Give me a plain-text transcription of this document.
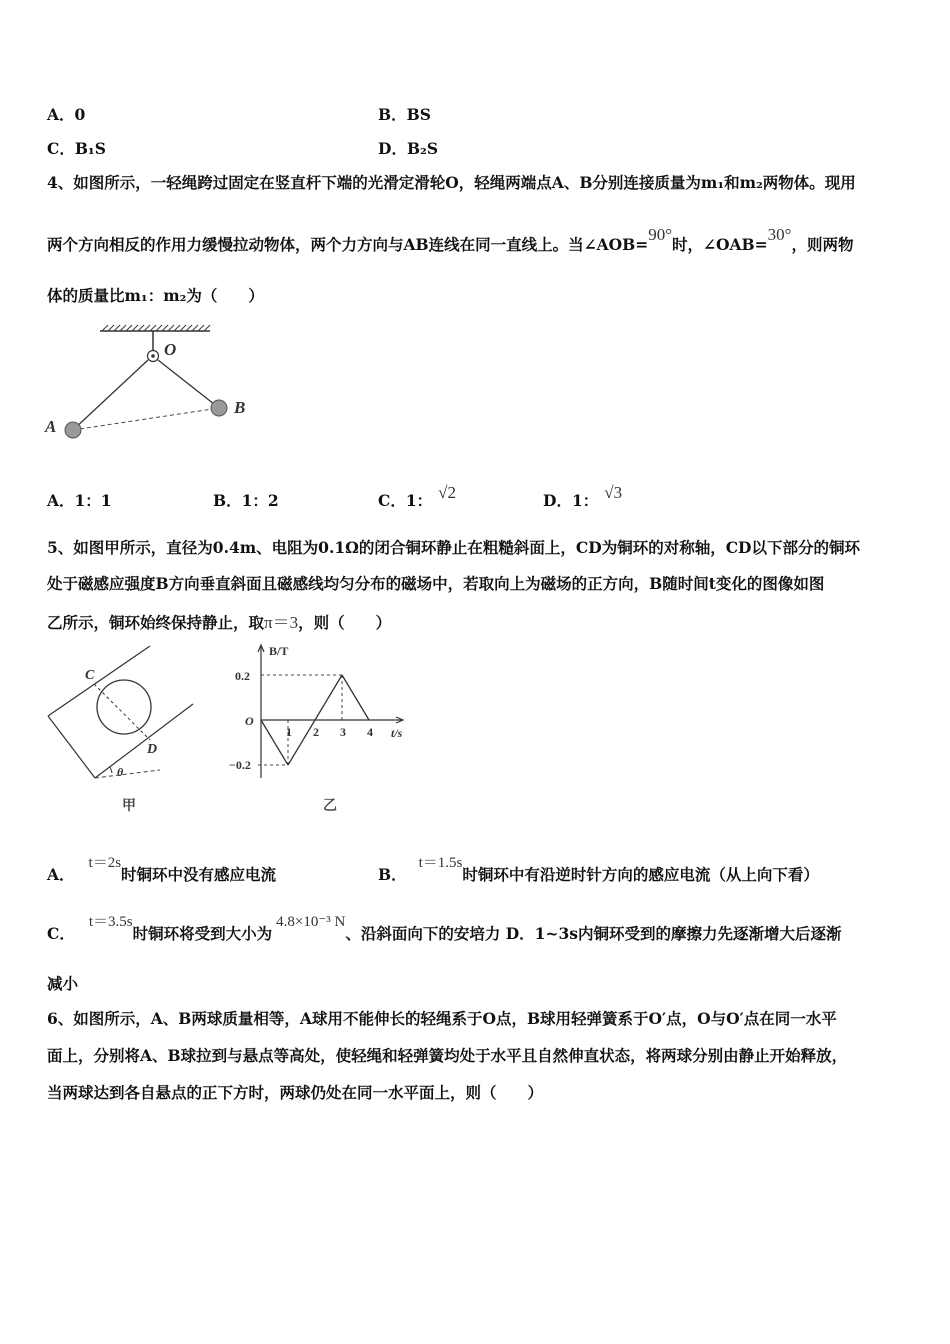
A．0	B．BS
C．B₁S	D．B₂S
4、如图所示，一轻绳跨过固定在竖直杆下端的光滑定滑轮O，轻绳两端点A、B分别连接质量为m₁和m₂两物体。现用
两个方向相反的作用力缓慢拉动物体，两个力方向与AB连线在同一直线上。当∠AOB=90°时，∠OAB=30°，则两物
体的质量比m₁：m₂为（　　）
O
A
B
A．1：1	B．1：2	C．1： √2	D．1： √3
5、如图甲所示，直径为0.4m、电阻为0.1Ω的闭合铜环静止在粗糙斜面上，CD为铜环的对称轴，CD以下部分的铜环
处于磁感应强度B方向垂直斜面且磁感线均匀分布的磁场中，若取向上为磁场的正方向，B随时间t变化的图像如图
乙所示，铜环始终保持静止，取π＝3，则（　　）
C
D
θ
甲
B/T
t/s
O
0.2
−0.2
1 2 3 4
乙
A．t＝2s时铜环中没有感应电流	B．t＝1.5s时铜环中有沿逆时针方向的感应电流（从上向下看）
C．t＝3.5s时铜环将受到大小为4.8×10⁻³ N、沿斜面向下的安培力 D．1~3s内铜环受到的摩擦力先逐渐增大后逐渐
减小
6、如图所示，A、B两球质量相等，A球用不能伸长的轻绳系于O点，B球用轻弹簧系于O′点，O与O′点在同一水平
面上，分别将A、B球拉到与悬点等高处，使轻绳和轻弹簧均处于水平且自然伸直状态，将两球分别由静止开始释放，
当两球达到各自悬点的正下方时，两球仍处在同一水平面上，则（　　）
